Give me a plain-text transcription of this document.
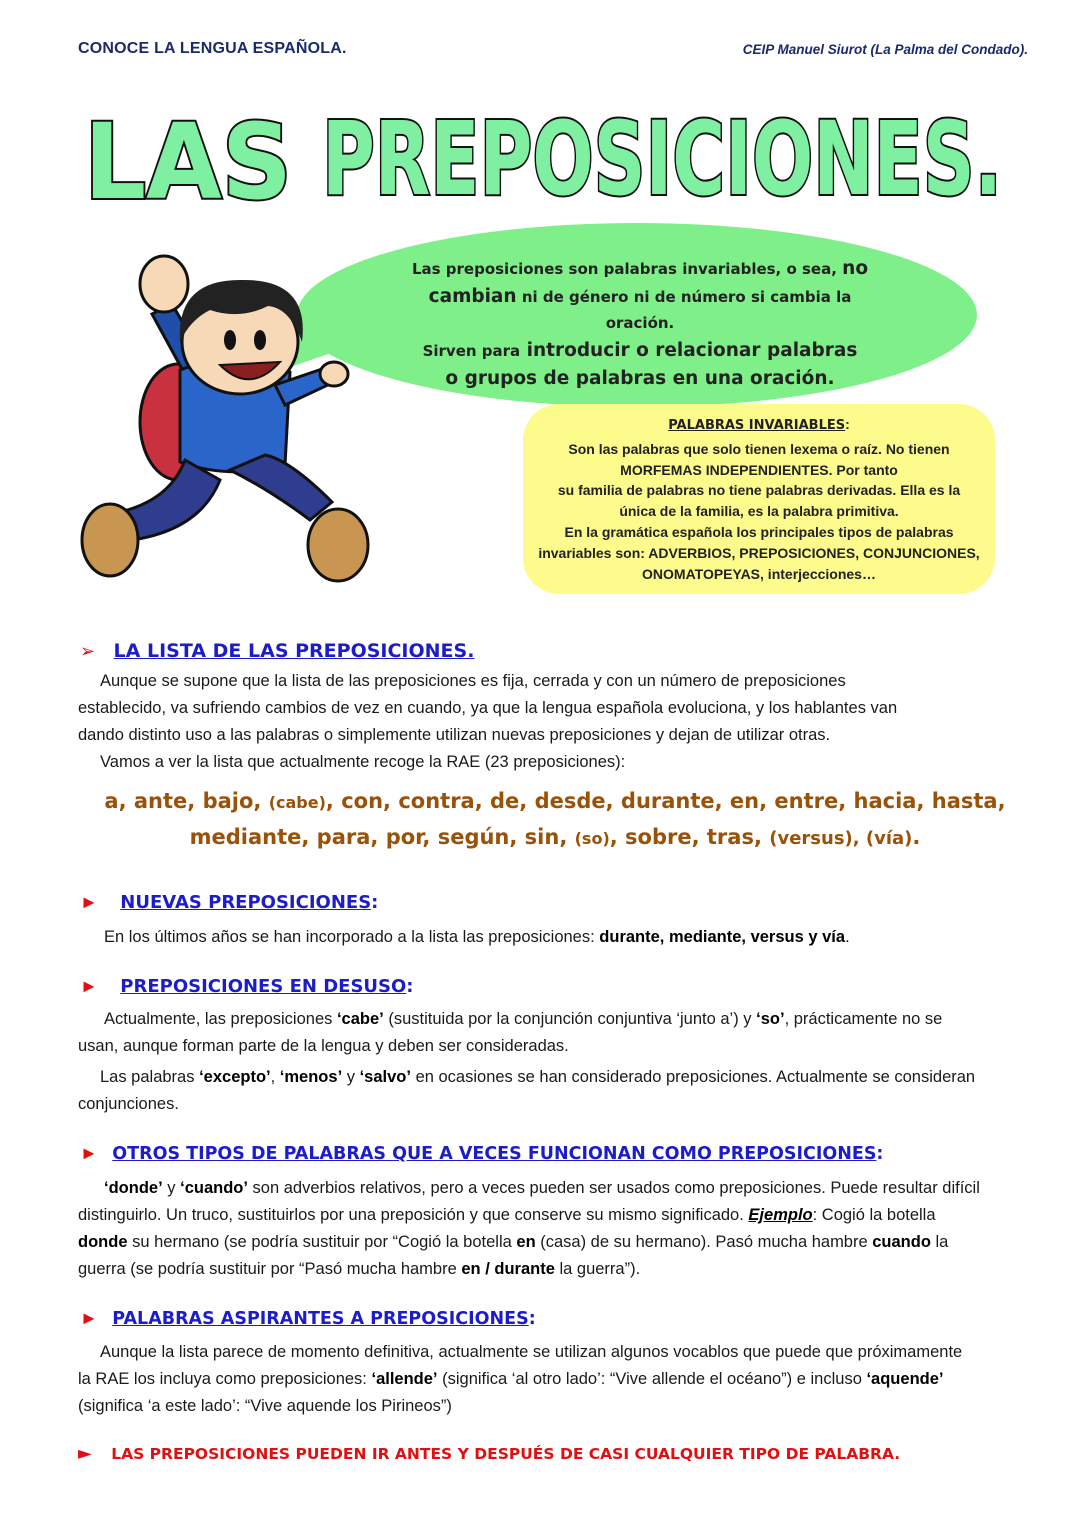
CONOCE LA LENGUA ESPAÑOLA.	CEIP Manuel Siurot (La Palma del Condado).
LAS PREPOSICIONES.
Las preposiciones son palabras invariables, o sea, no
cambian ni de género ni de número si cambia la
oración.
Sirven para introducir o relacionar palabras
o grupos de palabras en una oración.
PALABRAS INVARIABLES:
Son las palabras que solo tienen lexema o raíz. No tienen
MORFEMAS INDEPENDIENTES. Por tanto
su familia de palabras no tiene palabras derivadas. Ella es la
única de la familia, es la palabra primitiva.
En la gramática española los principales tipos de palabras
invariables son: ADVERBIOS, PREPOSICIONES, CONJUNCIONES,
ONOMATOPEYAS, interjecciones…
➢ LA LISTA DE LAS PREPOSICIONES.
Aunque se supone que la lista de las preposiciones es fija, cerrada y con un número de preposiciones
establecido, va sufriendo cambios de vez en cuando, ya que la lengua española evoluciona, y los hablantes van
dando distinto uso a las palabras o simplemente utilizan nuevas preposiciones y dejan de utilizar otras.
Vamos a ver la lista que actualmente recoge la RAE (23 preposiciones):
a, ante, bajo, (cabe), con, contra, de, desde, durante, en, entre, hacia, hasta,
mediante, para, por, según, sin, (so), sobre, tras, (versus), (vía).
► NUEVAS PREPOSICIONES:
En los últimos años se han incorporado a la lista las preposiciones: durante, mediante, versus y vía.
► PREPOSICIONES EN DESUSO:
Actualmente, las preposiciones ‘cabe’ (sustituida por la conjunción conjuntiva ‘junto a’) y ‘so’, prácticamente no se
usan, aunque forman parte de la lengua y deben ser consideradas.
Las palabras ‘excepto’, ‘menos’ y ‘salvo’ en ocasiones se han considerado preposiciones. Actualmente se consideran
conjunciones.
► OTROS TIPOS DE PALABRAS QUE A VECES FUNCIONAN COMO PREPOSICIONES:
‘donde’ y ‘cuando’ son adverbios relativos, pero a veces pueden ser usados como preposiciones. Puede resultar difícil
distinguirlo. Un truco, sustituirlos por una preposición y que conserve su mismo significado. Ejemplo: Cogió la botella
donde su hermano (se podría sustituir por “Cogió la botella en (casa) de su hermano). Pasó mucha hambre cuando la
guerra (se podría sustituir por “Pasó mucha hambre en / durante la guerra”).
► PALABRAS ASPIRANTES A PREPOSICIONES:
Aunque la lista parece de momento definitiva, actualmente se utilizan algunos vocablos que puede que próximamente
la RAE los incluya como preposiciones: ‘allende’ (significa ‘al otro lado’: “Vive allende el océano”) e incluso ‘aquende’
(significa ‘a este lado’: “Vive aquende los Pirineos”)
► LAS PREPOSICIONES PUEDEN IR ANTES Y DESPUÉS DE CASI CUALQUIER TIPO DE PALABRA.
